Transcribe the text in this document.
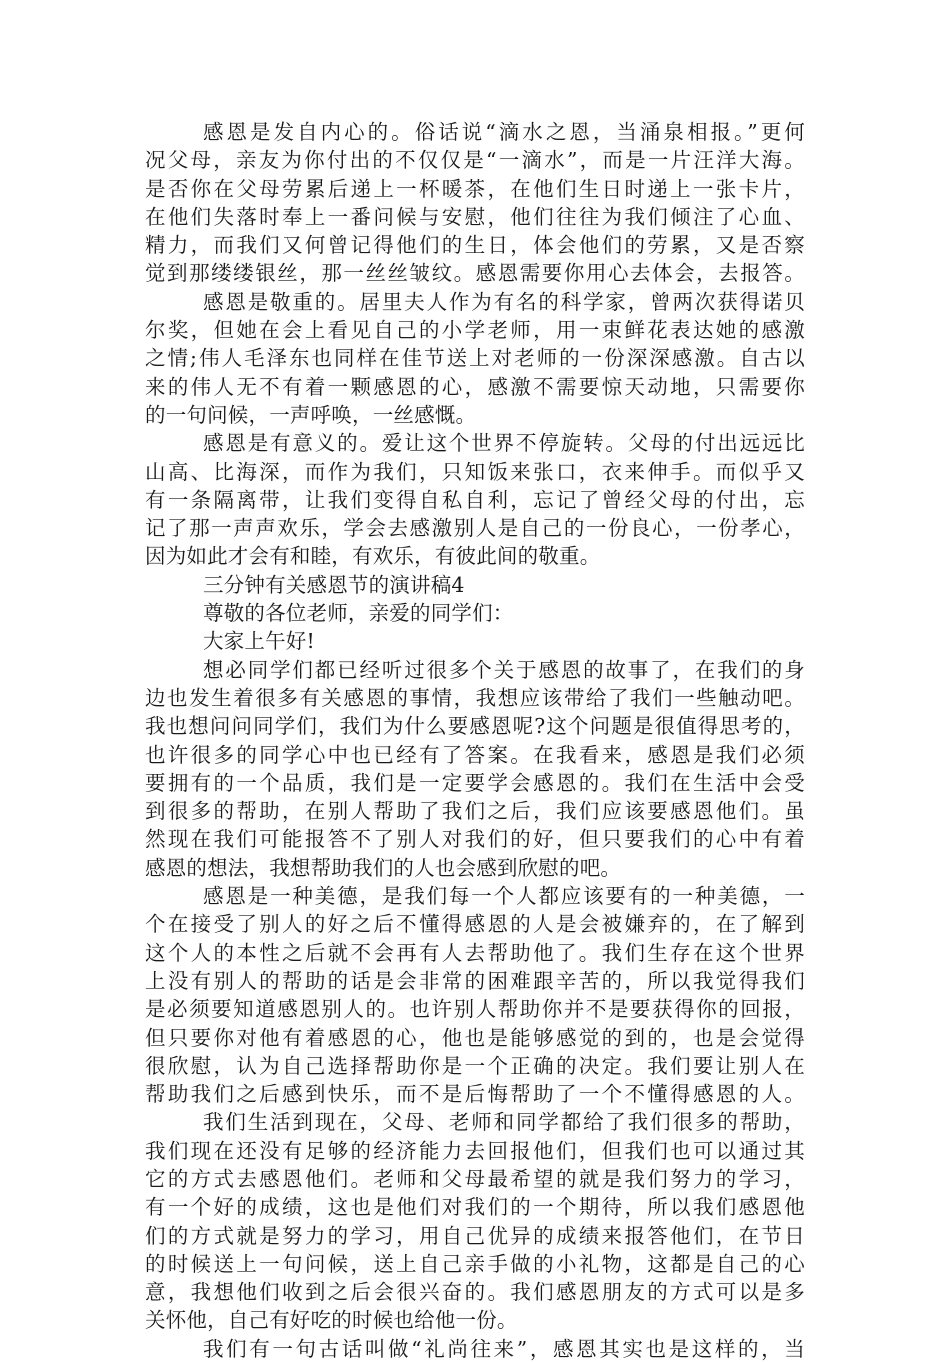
感恩是发自内心的。俗话说“滴水之恩，当涌泉相报。”更何
况父母，亲友为你付出的不仅仅是“一滴水”，而是一片汪洋大海。
是否你在父母劳累后递上一杯暖茶，在他们生日时递上一张卡片，
在他们失落时奉上一番问候与安慰，他们往往为我们倾注了心血、
精力，而我们又何曾记得他们的生日，体会他们的劳累，又是否察
觉到那缕缕银丝，那一丝丝皱纹。感恩需要你用心去体会，去报答。

感恩是敬重的。居里夫人作为有名的科学家，曾两次获得诺贝
尔奖，但她在会上看见自己的小学老师，用一束鲜花表达她的感激
之情;伟人毛泽东也同样在佳节送上对老师的一份深深感激。自古以
来的伟人无不有着一颗感恩的心，感激不需要惊天动地，只需要你
的一句问候，一声呼唤，一丝感慨。

感恩是有意义的。爱让这个世界不停旋转。父母的付出远远比
山高、比海深，而作为我们，只知饭来张口，衣来伸手。而似乎又
有一条隔离带，让我们变得自私自利，忘记了曾经父母的付出，忘
记了那一声声欢乐，学会去感激别人是自己的一份良心，一份孝心，
因为如此才会有和睦，有欢乐，有彼此间的敬重。

三分钟有关感恩节的演讲稿4

尊敬的各位老师，亲爱的同学们：

大家上午好!

想必同学们都已经听过很多个关于感恩的故事了，在我们的身
边也发生着很多有关感恩的事情，我想应该带给了我们一些触动吧。
我也想问问同学们，我们为什么要感恩呢?这个问题是很值得思考的，
也许很多的同学心中也已经有了答案。在我看来，感恩是我们必须
要拥有的一个品质，我们是一定要学会感恩的。我们在生活中会受
到很多的帮助，在别人帮助了我们之后，我们应该要感恩他们。虽
然现在我们可能报答不了别人对我们的好，但只要我们的心中有着
感恩的想法，我想帮助我们的人也会感到欣慰的吧。

感恩是一种美德，是我们每一个人都应该要有的一种美德，一
个在接受了别人的好之后不懂得感恩的人是会被嫌弃的，在了解到
这个人的本性之后就不会再有人去帮助他了。我们生存在这个世界
上没有别人的帮助的话是会非常的困难跟辛苦的，所以我觉得我们
是必须要知道感恩别人的。也许别人帮助你并不是要获得你的回报，
但只要你对他有着感恩的心，他也是能够感觉的到的，也是会觉得
很欣慰，认为自己选择帮助你是一个正确的决定。我们要让别人在
帮助我们之后感到快乐，而不是后悔帮助了一个不懂得感恩的人。

我们生活到现在，父母、老师和同学都给了我们很多的帮助，
我们现在还没有足够的经济能力去回报他们，但我们也可以通过其
它的方式去感恩他们。老师和父母最希望的就是我们努力的学习，
有一个好的成绩，这也是他们对我们的一个期待，所以我们感恩他
们的方式就是努力的学习，用自己优异的成绩来报答他们，在节日
的时候送上一句问候，送上自己亲手做的小礼物，这都是自己的心
意，我想他们收到之后会很兴奋的。我们感恩朋友的方式可以是多
关怀他，自己有好吃的时候也给他一份。

我们有一句古话叫做“礼尚往来”，感恩其实也是这样的，当
